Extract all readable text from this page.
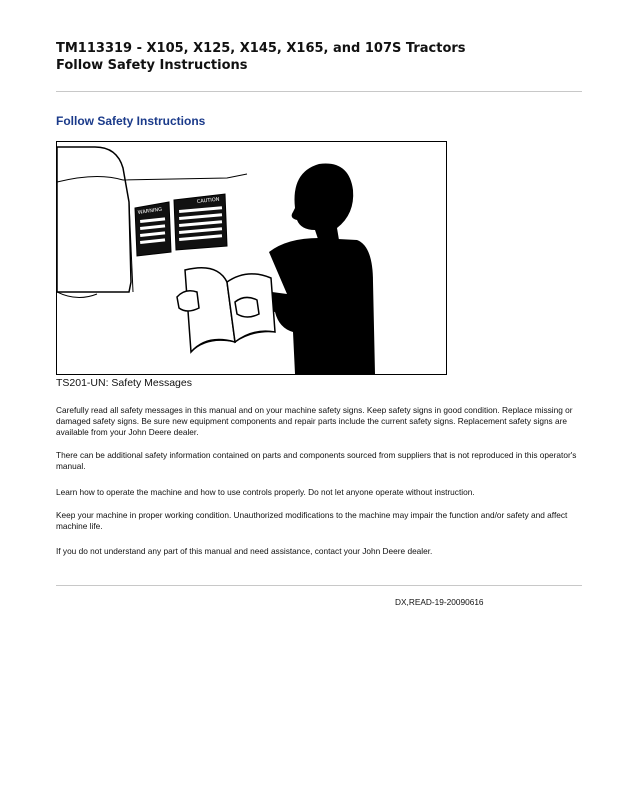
TM113319 - X105, X125, X145, X165, and 107S Tractors
Follow Safety Instructions
Follow Safety Instructions
WARNING
CAUTION
TS201-UN: Safety Messages

Carefully read all safety messages in this manual and on your machine safety signs. Keep safety signs in good condition. Replace missing or damaged safety signs. Be sure new equipment components and repair parts include the current safety signs. Replacement safety signs are available from your John Deere dealer.

There can be additional safety information contained on parts and components sourced from suppliers that is not reproduced in this operator's manual.

Learn how to operate the machine and how to use controls properly. Do not let anyone operate without instruction.

Keep your machine in proper working condition. Unauthorized modifications to the machine may impair the function and/or safety and affect machine life.

If you do not understand any part of this manual and need assistance, contact your John Deere dealer.

DX,READ-19-20090616
